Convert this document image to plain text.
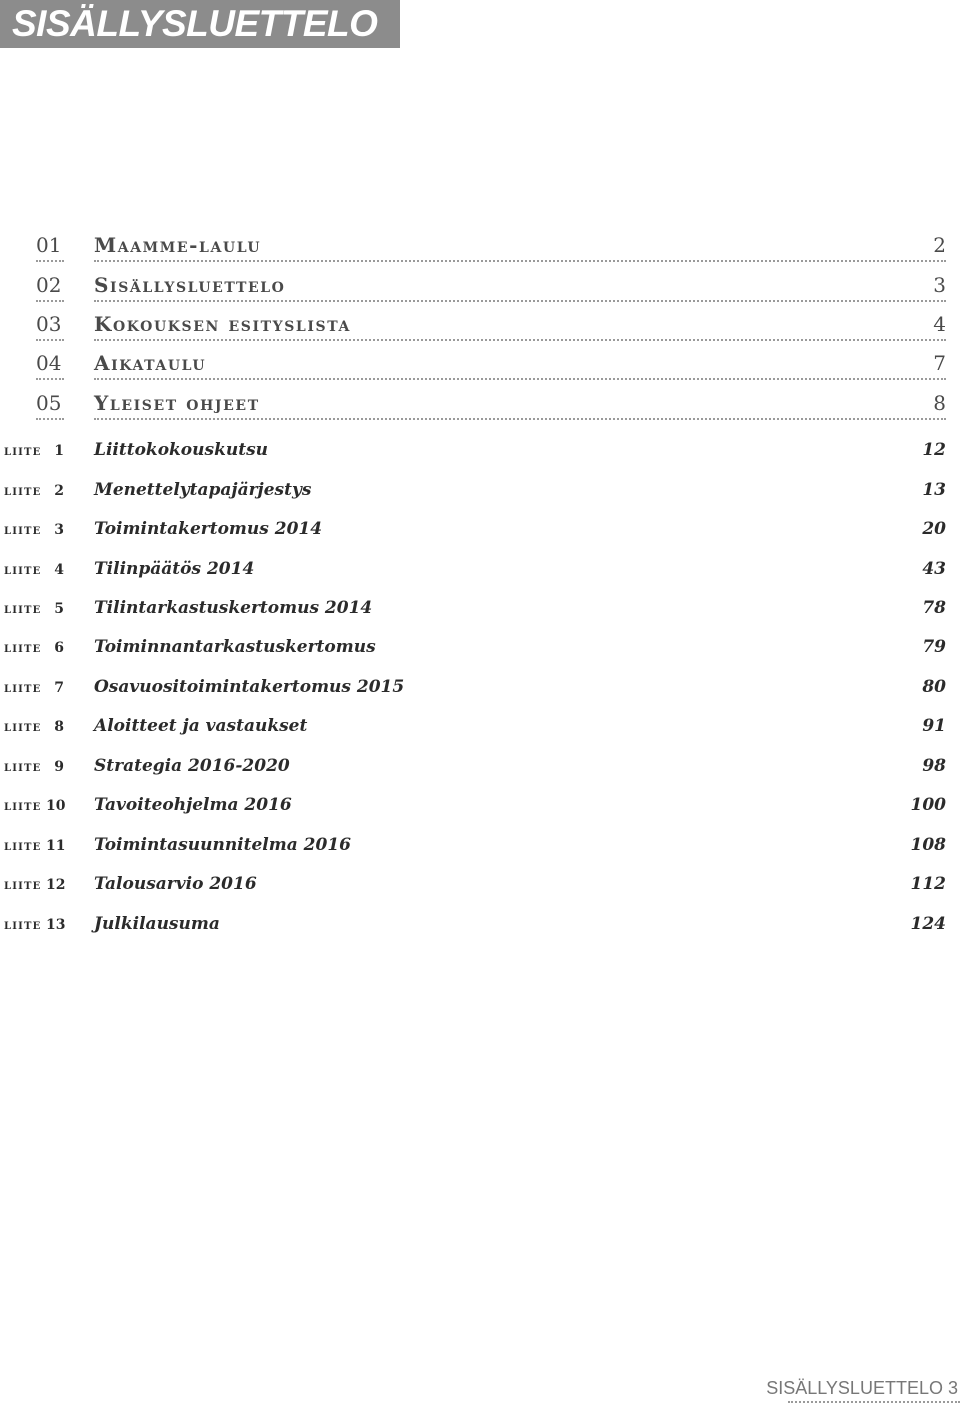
SISÄLLYSLUETTELO
01 Maamme-laulu	2
02 Sisällysluettelo	3
03 Kokouksen esityslista	4
04 Aikataulu	7
05 Yleiset ohjeet	8
liite 1 Liittokokouskutsu	12
liite 2 Menettelytapajärjestys	13
liite 3 Toimintakertomus 2014	20
liite 4 Tilinpäätös 2014	43
liite 5 Tilintarkastuskertomus 2014	78
liite 6 Toiminnantarkastuskertomus	79
liite 7 Osavuositoimintakertomus 2015	80
liite 8 Aloitteet ja vastaukset	91
liite 9 Strategia 2016-2020	98
liite 10 Tavoiteohjelma 2016	100
liite 11 Toimintasuunnitelma 2016	108
liite 12 Talousarvio 2016	112
liite 13 Julkilausuma	124
SISÄLLYSLUETTELO 3
